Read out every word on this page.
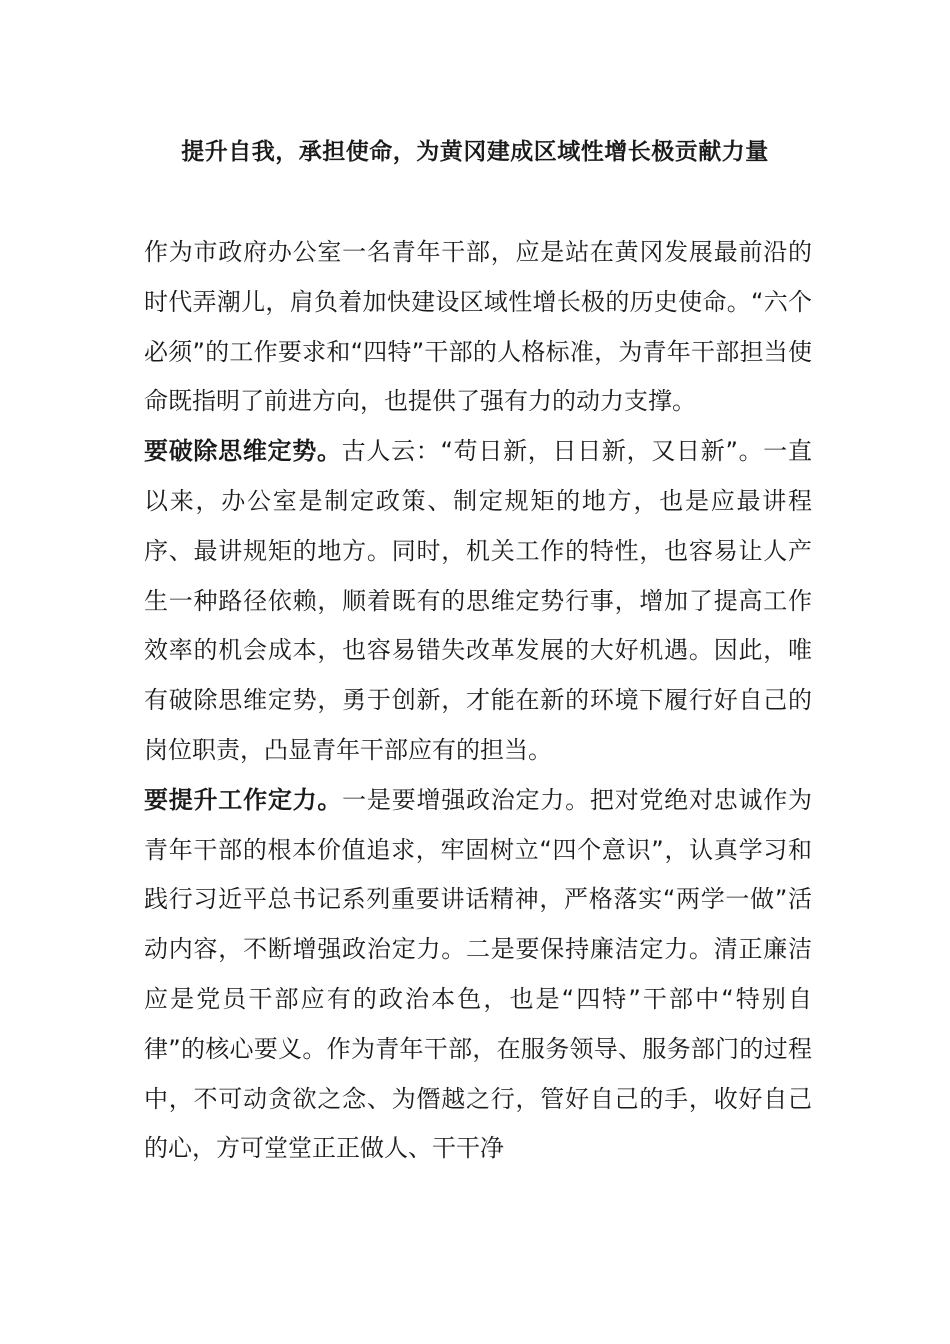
提升自我，承担使命，为黄冈建成区域性增长极贡献力量

作为市政府办公室一名青年干部，应是站在黄冈发展最前沿的时代弄潮儿，肩负着加快建设区域性增长极的历史使命。“六个必须”的工作要求和“四特”干部的人格标准，为青年干部担当使命既指明了前进方向，也提供了强有力的动力支撑。

要破除思维定势。古人云：“苟日新，日日新，又日新”。一直以来，办公室是制定政策、制定规矩的地方，也是应最讲程序、最讲规矩的地方。同时，机关工作的特性，也容易让人产生一种路径依赖，顺着既有的思维定势行事，增加了提高工作效率的机会成本，也容易错失改革发展的大好机遇。因此，唯有破除思维定势，勇于创新，才能在新的环境下履行好自己的岗位职责，凸显青年干部应有的担当。

要提升工作定力。一是要增强政治定力。把对党绝对忠诚作为青年干部的根本价值追求，牢固树立“四个意识”，认真学习和践行习近平总书记系列重要讲话精神，严格落实“两学一做”活动内容，不断增强政治定力。二是要保持廉洁定力。清正廉洁应是党员干部应有的政治本色，也是“四特”干部中“特别自律”的核心要义。作为青年干部，在服务领导、服务部门的过程中，不可动贪欲之念、为僭越之行，管好自己的手，收好自己的心，方可堂堂正正做人、干干净
